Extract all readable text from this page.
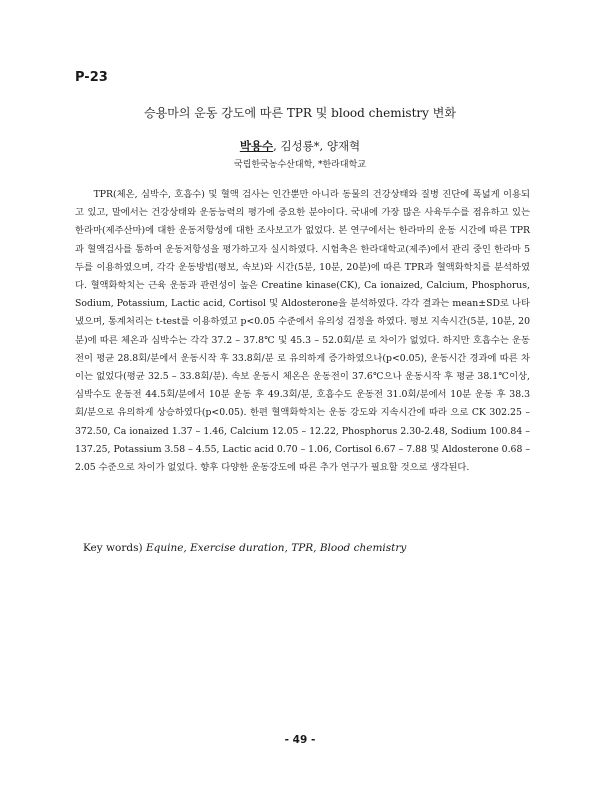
P-23
승용마의 운동 강도에 따른 TPR 및 blood chemistry 변화
박용수, 김성룡*, 양재혁
국립한국농수산대학, *한라대학교

TPR(체온, 심박수, 호흡수) 및 혈액 검사는 인간뿐만 아니라 동물의 건강상태와 질병 진단에 폭넓게 이용되고 있고, 말에서는 건강상태와 운동능력의 평가에 중요한 분야이다. 국내에 가장 많은 사육두수를 점유하고 있는 한라마(제주산마)에 대한 운동저항성에 대한 조사보고가 없었다. 본 연구에서는 한라마의 운동 시간에 따른 TPR과 혈액검사를 통하여 운동저항성을 평가하고자 실시하였다. 시험축은 한라대학교(제주)에서 관리 중인 한라마 5두를 이용하였으며, 각각 운동방법(평보, 속보)와 시간(5분, 10분, 20분)에 따른 TPR과 혈액화학치를 분석하였다. 혈액화학치는 근육 운동과 관련성이 높은 Creatine kinase(CK), Ca ionaized, Calcium, Phosphorus, Sodium, Potassium, Lactic acid, Cortisol 및 Aldosterone을 분석하였다. 각각 결과는 mean±SD로 나타냈으며, 통계처리는 t-test를 이용하였고 p<0.05 수준에서 유의성 검정을 하였다. 평보 지속시간(5분, 10분, 20분)에 따른 체온과 심박수는 각각 37.2 – 37.8℃ 및 45.3 – 52.0회/분 로 차이가 없었다. 하지만 호흡수는 운동전이 평균 28.8회/분에서 운동시작 후 33.8회/분 로 유의하게 증가하였으나(p<0.05), 운동시간 경과에 따른 차이는 없었다(평균 32.5 – 33.8회/분). 속보 운동시 체온은 운동전이 37.6℃으나 운동시작 후 평균 38.1℃이상, 심박수도 운동전 44.5회/분에서 10분 운동 후 49.3회/분, 호흡수도 운동전 31.0회/분에서 10분 운동 후 38.3회/분으로 유의하게 상승하였다(p<0.05). 한편 혈액화학치는 운동 강도와 지속시간에 따라 으로 CK 302.25 – 372.50, Ca ionaized 1.37 – 1.46, Calcium 12.05 – 12.22, Phosphorus 2.30-2.48, Sodium 100.84 – 137.25, Potassium 3.58 – 4.55, Lactic acid 0.70 – 1.06, Cortisol 6.67 – 7.88 및 Aldosterone 0.68 – 2.05 수준으로 차이가 없었다. 향후 다양한 운동강도에 따른 추가 연구가 필요할 것으로 생각된다.

Key words) Equine, Exercise duration, TPR, Blood chemistry
- 49 -
